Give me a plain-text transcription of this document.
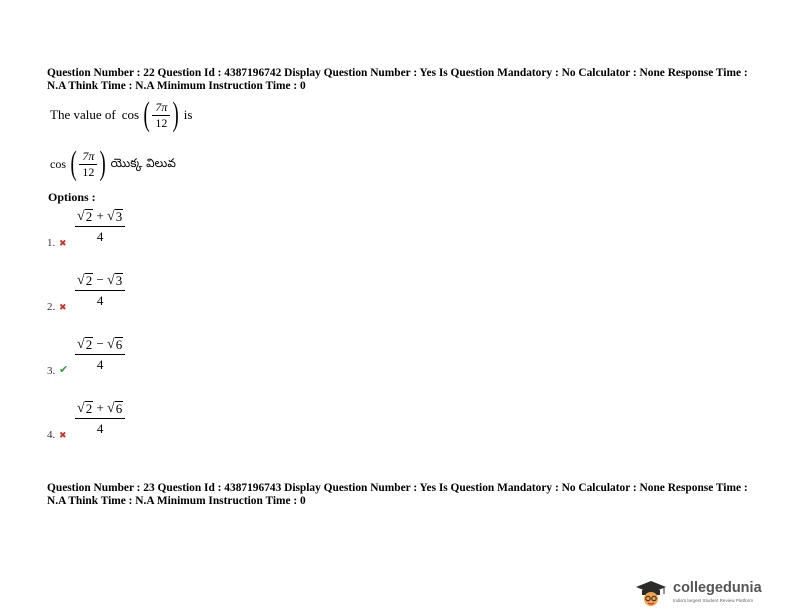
Question Number : 22 Question Id : 4387196742 Display Question Number : Yes Is Question Mandatory : No Calculator : None Response Time : N.A Think Time : N.A Minimum Instruction Time : 0
The value of cos ( $\frac{7\pi}{12}$ ) is
cos ( $\frac{7\pi}{12}$ ) యొక్క విలువ
Options :
$\frac{√ 2 + √ 3}{4}$
1. ✖
$\frac{√ 2 - √ 3}{4}$
2. ✖
$\frac{√ 2 - √ 6}{4}$
3. ✔
$\frac{√ 2 + √ 6}{4}$
4. ✖
Question Number : 23 Question Id : 4387196743 Display Question Number : Yes Is Question Mandatory : No Calculator : None Response Time : N.A Think Time : N.A Minimum Instruction Time : 0
collegedunia
India's largest Student Review Platform
